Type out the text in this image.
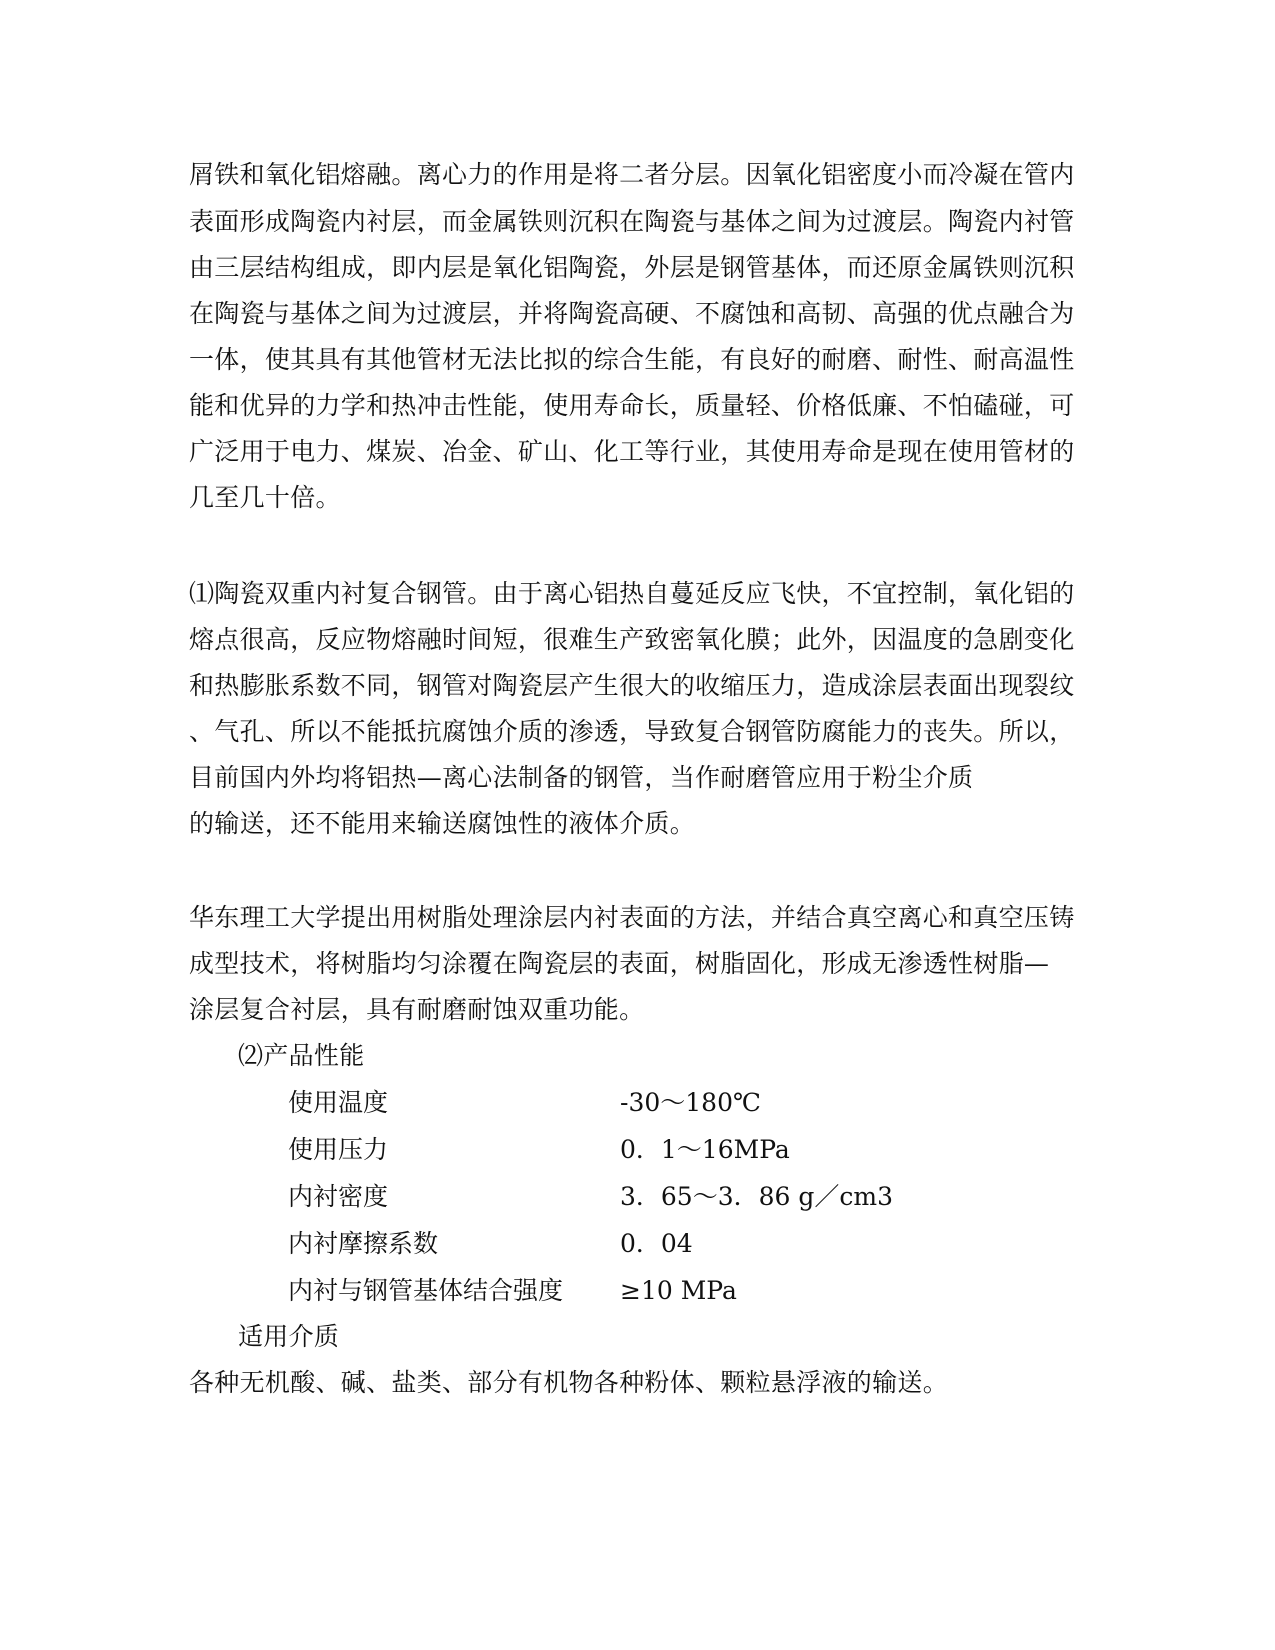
屑铁和氧化铝熔融。离心力的作用是将二者分层。因氧化铝密度小而冷凝在管内
表面形成陶瓷内衬层，而金属铁则沉积在陶瓷与基体之间为过渡层。陶瓷内衬管
由三层结构组成，即内层是氧化铝陶瓷，外层是钢管基体，而还原金属铁则沉积
在陶瓷与基体之间为过渡层，并将陶瓷高硬、不腐蚀和高韧、高强的优点融合为
一体，使其具有其他管材无法比拟的综合生能，有良好的耐磨、耐性、耐高温性
能和优异的力学和热冲击性能，使用寿命长，质量轻、价格低廉、不怕磕碰，可
广泛用于电力、煤炭、冶金、矿山、化工等行业，其使用寿命是现在使用管材的
几至几十倍。
⑴陶瓷双重内衬复合钢管。由于离心铝热自蔓延反应飞快，不宜控制，氧化铝的
熔点很高，反应物熔融时间短，很难生产致密氧化膜；此外，因温度的急剧变化
和热膨胀系数不同，钢管对陶瓷层产生很大的收缩压力，造成涂层表面出现裂纹
、气孔、所以不能抵抗腐蚀介质的渗透，导致复合钢管防腐能力的丧失。所以，
目前国内外均将铝热—离心法制备的钢管，当作耐磨管应用于粉尘介质
的输送，还不能用来输送腐蚀性的液体介质。
华东理工大学提出用树脂处理涂层内衬表面的方法，并结合真空离心和真空压铸
成型技术，将树脂均匀涂覆在陶瓷层的表面，树脂固化，形成无渗透性树脂—
涂层复合衬层，具有耐磨耐蚀双重功能。
⑵产品性能
使用温度	-30～180℃
使用压力	0．1～16MPa
内衬密度	3．65～3．86 g／cm3
内衬摩擦系数	0．04
内衬与钢管基体结合强度 ≥10 MPa
适用介质
各种无机酸、碱、盐类、部分有机物各种粉体、颗粒悬浮液的输送。
